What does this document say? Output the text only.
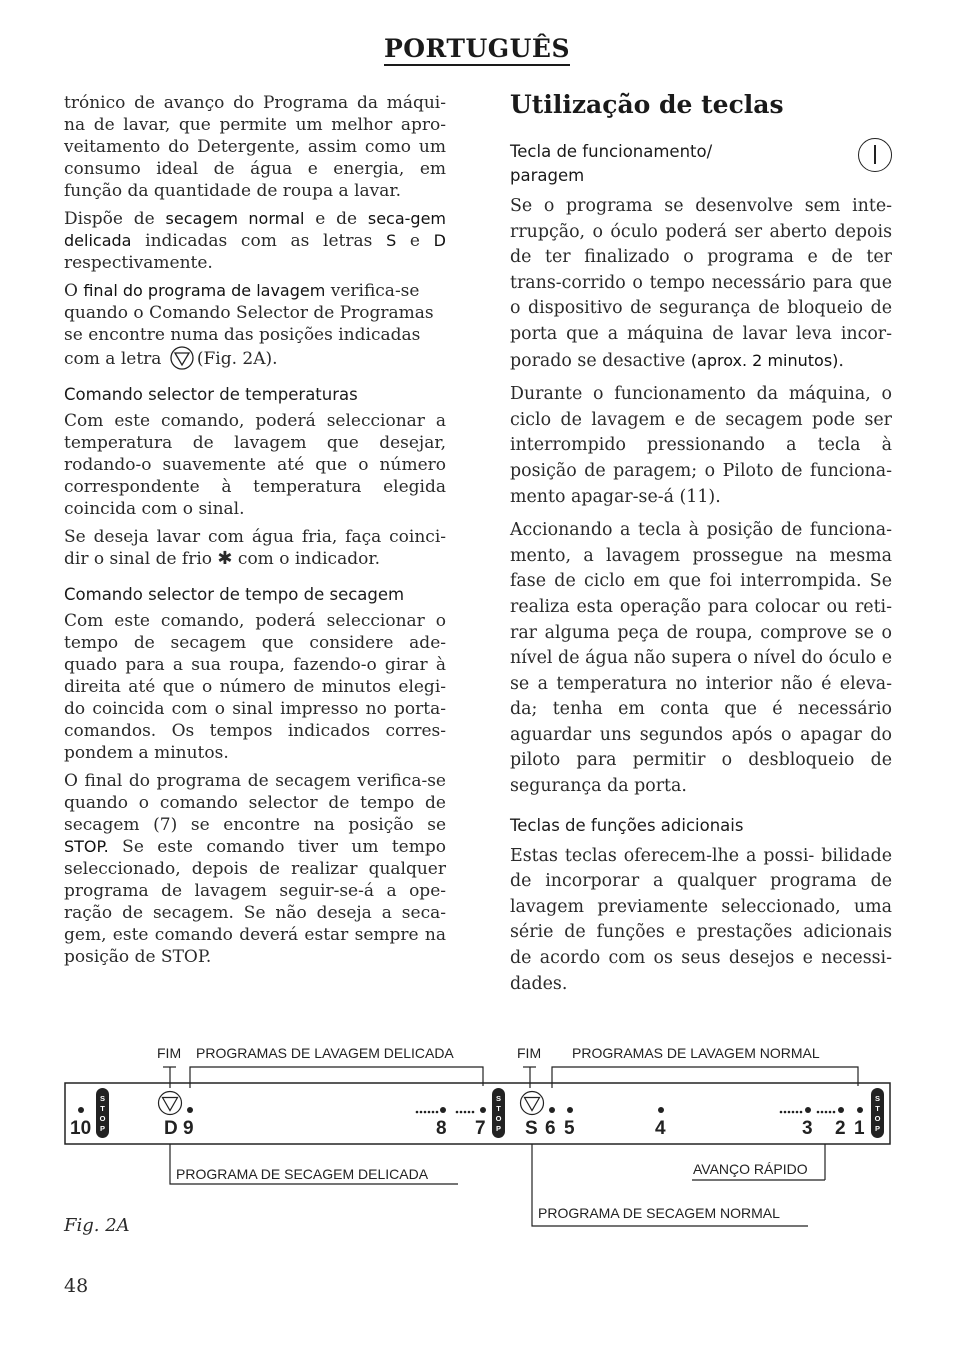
PORTUGUÊS

trónico de avanço do Programa da máqui-na de lavar, que permite um melhor apro-veitamento do Detergente, assim como um consumo ideal de água e energia, em função da quantidade de roupa a lavar.

Dispõe de secagem normal e de seca-gem delicada indicadas com as letras S e D respectivamente.

O final do programa de lavagem verifica-se quando o Comando Selector de Programas se encontre numa das posições indicadas com a letra (Fig. 2A).

Comando selector de temperaturas

Com este comando, poderá seleccionar a temperatura de lavagem que desejar, rodando-o suavemente até que o número correspondente à temperatura elegida coincida com o sinal.

Se deseja lavar com água fria, faça coinci-dir o sinal de frio ✱ com o indicador.

Comando selector de tempo de secagem

Com este comando, poderá seleccionar o tempo de secagem que considere ade-quado para a sua roupa, fazendo-o girar à direita até que o número de minutos elegi-do coincida com o sinal impresso no porta-comandos. Os tempos indicados corres-pondem a minutos.

O final do programa de secagem verifica-se quando o comando selector de tempo de secagem (7) se encontre na posição se STOP. Se este comando tiver um tempo seleccionado, depois de realizar qualquer programa de lavagem seguir-se-á a ope-ração de secagem. Se não deseja a seca-gem, este comando deverá estar sempre na posição de STOP.

Utilização de teclas
Tecla de funcionamento/
paragem

Se o programa se desenvolve sem inte-rrupção, o óculo poderá ser aberto depois de ter finalizado o programa e de ter trans-corrido o tempo necessário para que o dispositivo de segurança de bloqueio de porta que a máquina de lavar leva incor-porado se desactive (aprox. 2 minutos).

Durante o funcionamento da máquina, o ciclo de lavagem e de secagem pode ser interrompido pressionando a tecla à posição de paragem; o Piloto de funciona-mento apagar-se-á (11).

Accionando a tecla à posição de funciona-mento, a lavagem prossegue na mesma fase de ciclo em que foi interrompida. Se realiza esta operação para colocar ou reti-rar alguma peça de roupa, comprove se o nível de água não supera o nível do óculo e se a temperatura no interior não é eleva-da; tenha em conta que é necessário aguardar uns segundos após o apagar do piloto para permitir o desbloqueio de segurança da porta.

Teclas de funções adicionais

Estas teclas oferecem-lhe a possi- bilidade de incorporar a qualquer programa de lavagem previamente seleccionado, uma série de funções e prestações adicionais de acordo com os seus desejos e necessi-dades.

FIM PROGRAMAS DE LAVAGEM DELICADA	FIM PROGRAMAS DE LAVAGEM NORMAL
S
T
O
P
S
T
O
P
S
T
O
P
10	D 9	8 7 S 6 5	4	3 2 1
PROGRAMA DE SECAGEM DELICADA	AVANÇO RÁPIDO
PROGRAMA DE SECAGEM NORMAL
Fig. 2A
48
